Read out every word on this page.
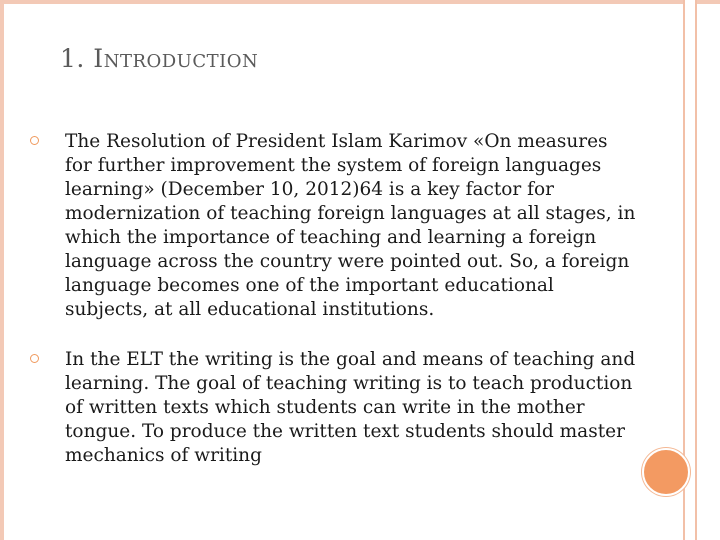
1. INTRODUCTION
The Resolution of President Islam Karimov «On measures for further improvement the system of foreign languages learning» (December 10, 2012)64 is a key factor for modernization of teaching foreign languages at all stages, in which the importance of teaching and learning a foreign language across the country were pointed out. So, a foreign language becomes one of the important educational subjects, at all educational institutions.
In the ELT the writing is the goal and means of teaching and learning. The goal of teaching writing is to teach production of written texts which students can write in the mother tongue. To produce the written text students should master mechanics of writing
